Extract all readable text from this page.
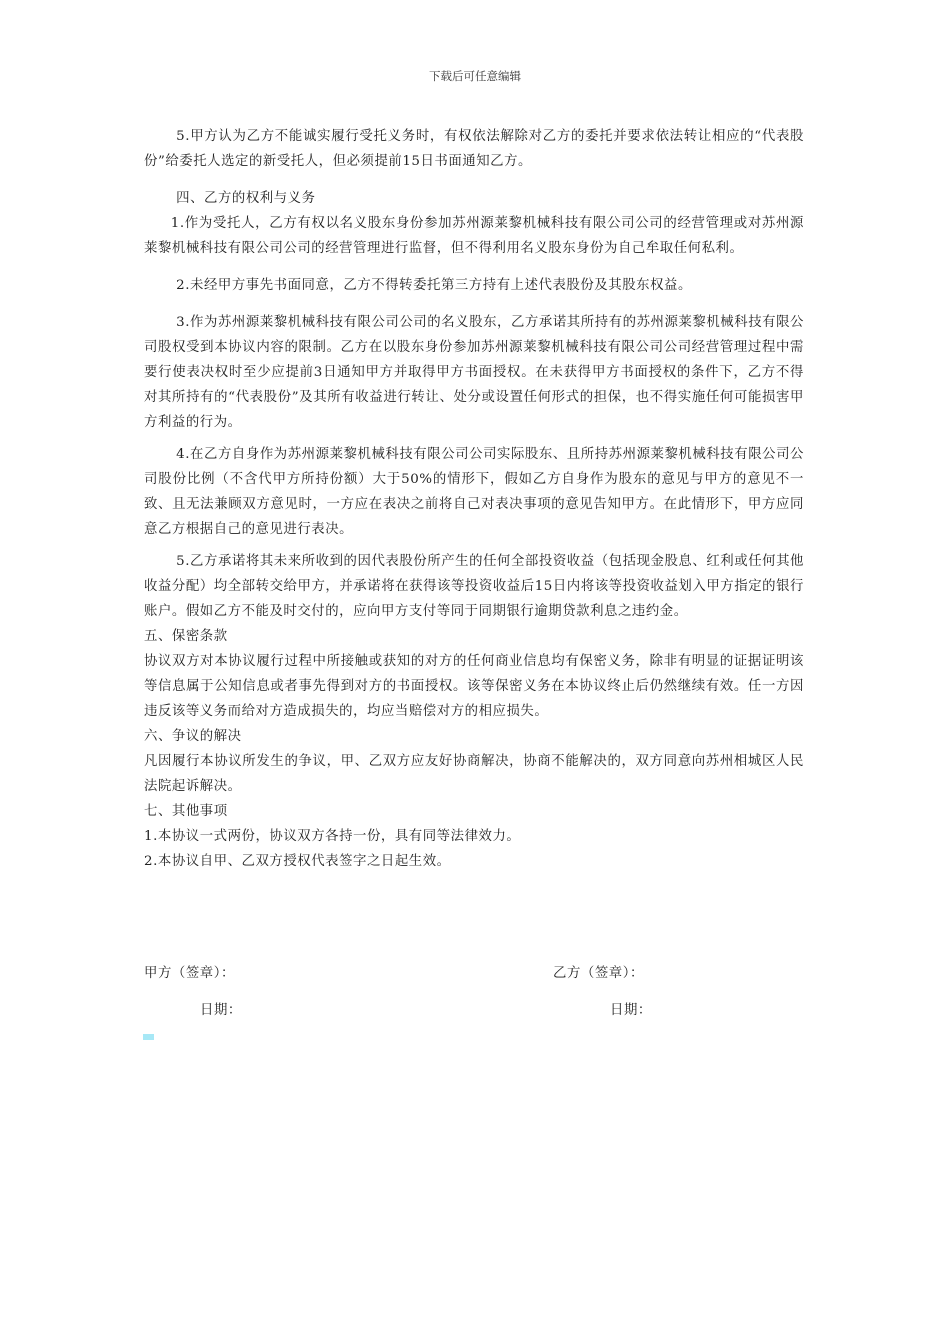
下载后可任意编辑

5.甲方认为乙方不能诚实履行受托义务时，有权依法解除对乙方的委托并要求依法转让相应的“代表股份”给委托人选定的新受托人，但必须提前15日书面通知乙方。

四、乙方的权利与义务

1.作为受托人，乙方有权以名义股东身份参加苏州源莱黎机械科技有限公司公司的经营管理或对苏州源莱黎机械科技有限公司公司的经营管理进行监督，但不得利用名义股东身份为自己牟取任何私利。

2.未经甲方事先书面同意，乙方不得转委托第三方持有上述代表股份及其股东权益。

3.作为苏州源莱黎机械科技有限公司公司的名义股东，乙方承诺其所持有的苏州源莱黎机械科技有限公司股权受到本协议内容的限制。乙方在以股东身份参加苏州源莱黎机械科技有限公司公司经营管理过程中需要行使表决权时至少应提前3日通知甲方并取得甲方书面授权。在未获得甲方书面授权的条件下，乙方不得对其所持有的“代表股份”及其所有收益进行转让、处分或设置任何形式的担保，也不得实施任何可能损害甲方利益的行为。

4.在乙方自身作为苏州源莱黎机械科技有限公司公司实际股东、且所持苏州源莱黎机械科技有限公司公司股份比例（不含代甲方所持份额）大于50%的情形下，假如乙方自身作为股东的意见与甲方的意见不一致、且无法兼顾双方意见时，一方应在表决之前将自己对表决事项的意见告知甲方。在此情形下，甲方应同意乙方根据自己的意见进行表决。

5.乙方承诺将其未来所收到的因代表股份所产生的任何全部投资收益（包括现金股息、红利或任何其他收益分配）均全部转交给甲方，并承诺将在获得该等投资收益后15日内将该等投资收益划入甲方指定的银行账户。假如乙方不能及时交付的，应向甲方支付等同于同期银行逾期贷款利息之违约金。

五、保密条款

协议双方对本协议履行过程中所接触或获知的对方的任何商业信息均有保密义务，除非有明显的证据证明该等信息属于公知信息或者事先得到对方的书面授权。该等保密义务在本协议终止后仍然继续有效。任一方因违反该等义务而给对方造成损失的，均应当赔偿对方的相应损失。

六、争议的解决

凡因履行本协议所发生的争议，甲、乙双方应友好协商解决，协商不能解决的，双方同意向苏州相城区人民法院起诉解决。

七、其他事项

1.本协议一式两份，协议双方各持一份，具有同等法律效力。

2.本协议自甲、乙双方授权代表签字之日起生效。

甲方（签章）：	乙方（签章）：
日期：	日期：
